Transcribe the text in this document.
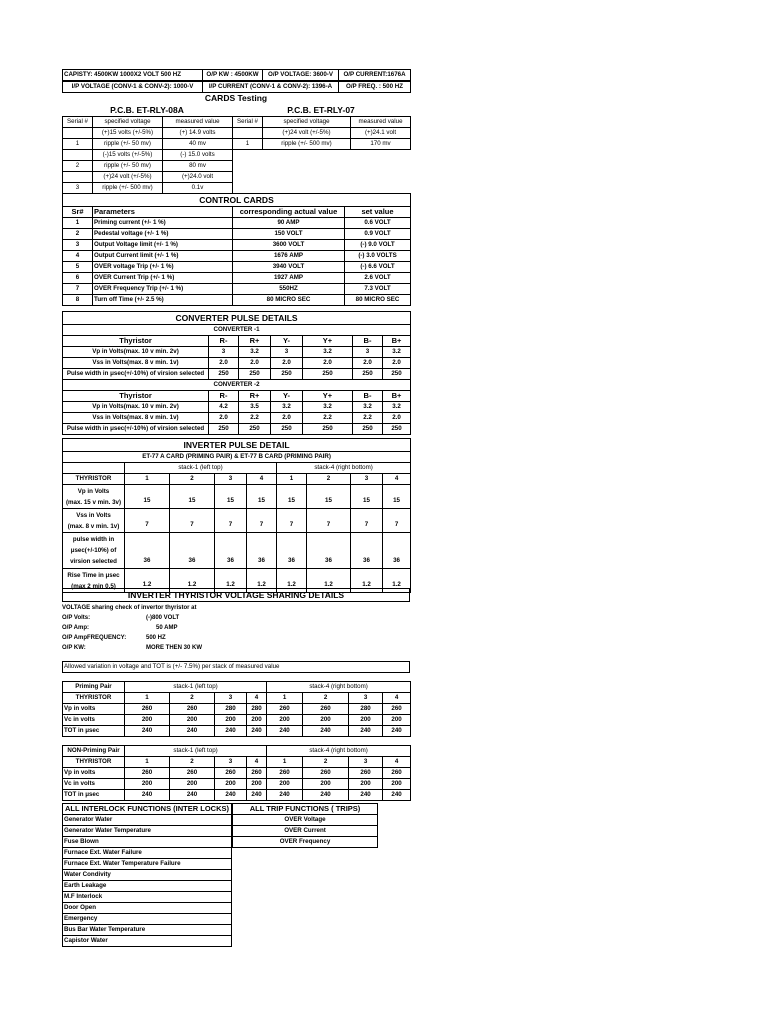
CAPISTY: 4500KW 1000X2 VOLT 500 HZ	O/P KW : 4500KW	O/P VOLTAGE: 3600-V	O/P CURRENT:1676A
I/P VOLTAGE (CONV-1 & CONV-2): 1000-V	I/P CURRENT (CONV-1 & CONV-2): 1396-A	O/P FREQ. : 500 HZ
CARDS Testing
P.C.B. ET-RLY-08A
Serial #	specified voltage	measured value
	(+)15 volts (+/-5%)	(+) 14.9 volts
1	ripple (+/- 50 mv)	40 mv
	(-)15 volts (+/-5%)	(-) 15.0 volts
2	ripple (+/- 50 mv)	80 mv
	(+)24 volt (+/-5%)	(+)24.0 volt
3	ripple (+/- 500 mv)	0.1v
P.C.B. ET-RLY-07
Serial #	specified voltage	measured value
	(+)24 volt (+/-5%)	(+)24.1 volt
1	ripple (+/- 500 mv)	170 mv
CONTROL CARDS			
Sr#	Parameters	corresponding actual value	set value
1	Priming current (+/- 1 %)	90 AMP	0.6 VOLT
2	Pedestal voltage (+/- 1 %)	150 VOLT	0.9 VOLT
3	Output Voltage limit (+/- 1 %)	3600 VOLT	(-) 9.0 VOLT
4	Output Current limit (+/- 1 %)	1676 AMP	(-) 3.0 VOLTS
5	OVER voltage Trip (+/- 1 %)	3940 VOLT	(-) 6.6 VOLT
6	OVER Current Trip (+/- 1 %)	1927 AMP	2.6 VOLT
7	OVER Frequency Trip (+/- 1 %)	550HZ	7.3 VOLT
8	Turn off Time (+/- 2.5 %)	80 MICRO SEC	80 MICRO SEC
CONVERTER PULSE DETAILS						
CONVERTER -1						
Thyristor	R-	R+	Y-	Y+	B-	B+
Vp in Volts(max. 10 v min. 2v)	3	3.2	3	3.2	3	3.2
Vss in Volts(max. 8 v min. 1v)	2.0	2.0	2.0	2.0	2.0	2.0
Pulse width in μsec(+/-10%) of virsion selected	250	250	250	250	250	250
CONVERTER -2						
Thyristor	R-	R+	Y-	Y+	B-	B+
Vp in Volts(max. 10 v min. 2v)	4.2	3.5	3.2	3.2	3.2	3.2
Vss in Volts(max. 8 v min. 1v)	2.0	2.2	2.0	2.2	2.2	2.0
Pulse width in μsec(+/-10%) of virsion selected	250	250	250	250	250	250
INVERTER PULSE DETAIL								
ET-77 A CARD (PRIMING PAIR) & ET-77 B CARD (PRIMING PAIR)								
	stack-1 (left top)				stack-4 (right bottom)			
THYRISTOR	1	2	3	4	1	2	3	4

Vp in Volts
(max. 15 v min. 3v)	15	15	15	15	15	15	15	15

Vss in Volts
(max. 8 v min. 1v)	7	7	7	7	7	7	7	7

pulse width in μsec(+/-10%) of
virsion selected	36	36	36	36	36	36	36	36

Rise Time in μsec
(max 2 min 0.5)	1.2	1.2	1.2	1.2	1.2	1.2	1.2	1.2
INVERTER THYRISTOR VOLTAGE SHARING DETAILS
VOLTAGE sharing check of invertor thyristor at
O/P Volts:	(-)800 VOLT
O/P Amp:	50 AMP
O/P AmpFREQUENCY:	500 HZ
O/P KW:	MORE THEN 30 KW
Allowed variation in voltage and TOT is (+/- 7.5%) per stack of measured value
Priming Pair	stack-1 (left top)				stack-4 (right bottom)			
THYRISTOR	1	2	3	4	1	2	3	4
Vp in volts	260	260	280	280	260	260	280	260
Vc in volts	200	200	200	200	200	200	200	200
TOT in μsec	240	240	240	240	240	240	240	240
NON-Priming Pair	stack-1 (left top)				stack-4 (right bottom)			
THYRISTOR	1	2	3	4	1	2	3	4
Vp in volts	260	260	260	260	260	260	260	260
Vc in volts	200	200	200	200	200	200	200	200
TOT in μsec	240	240	240	240	240	240	240	240
ALL INTERLOCK FUNCTIONS (INTER LOCKS)
Generator Water
Generator Water Temperature
Fuse Blown
Furnace Ext. Water Failure
Furnace Ext. Water Temperature Failure
Water Condivity
Earth Leakage
M.F Interlock
Door Open
Emergency
Bus Bar Water Temperature
Capistor Water
ALL TRIP FUNCTIONS ( TRIPS)
OVER Voltage
OVER Current
OVER Frequency
